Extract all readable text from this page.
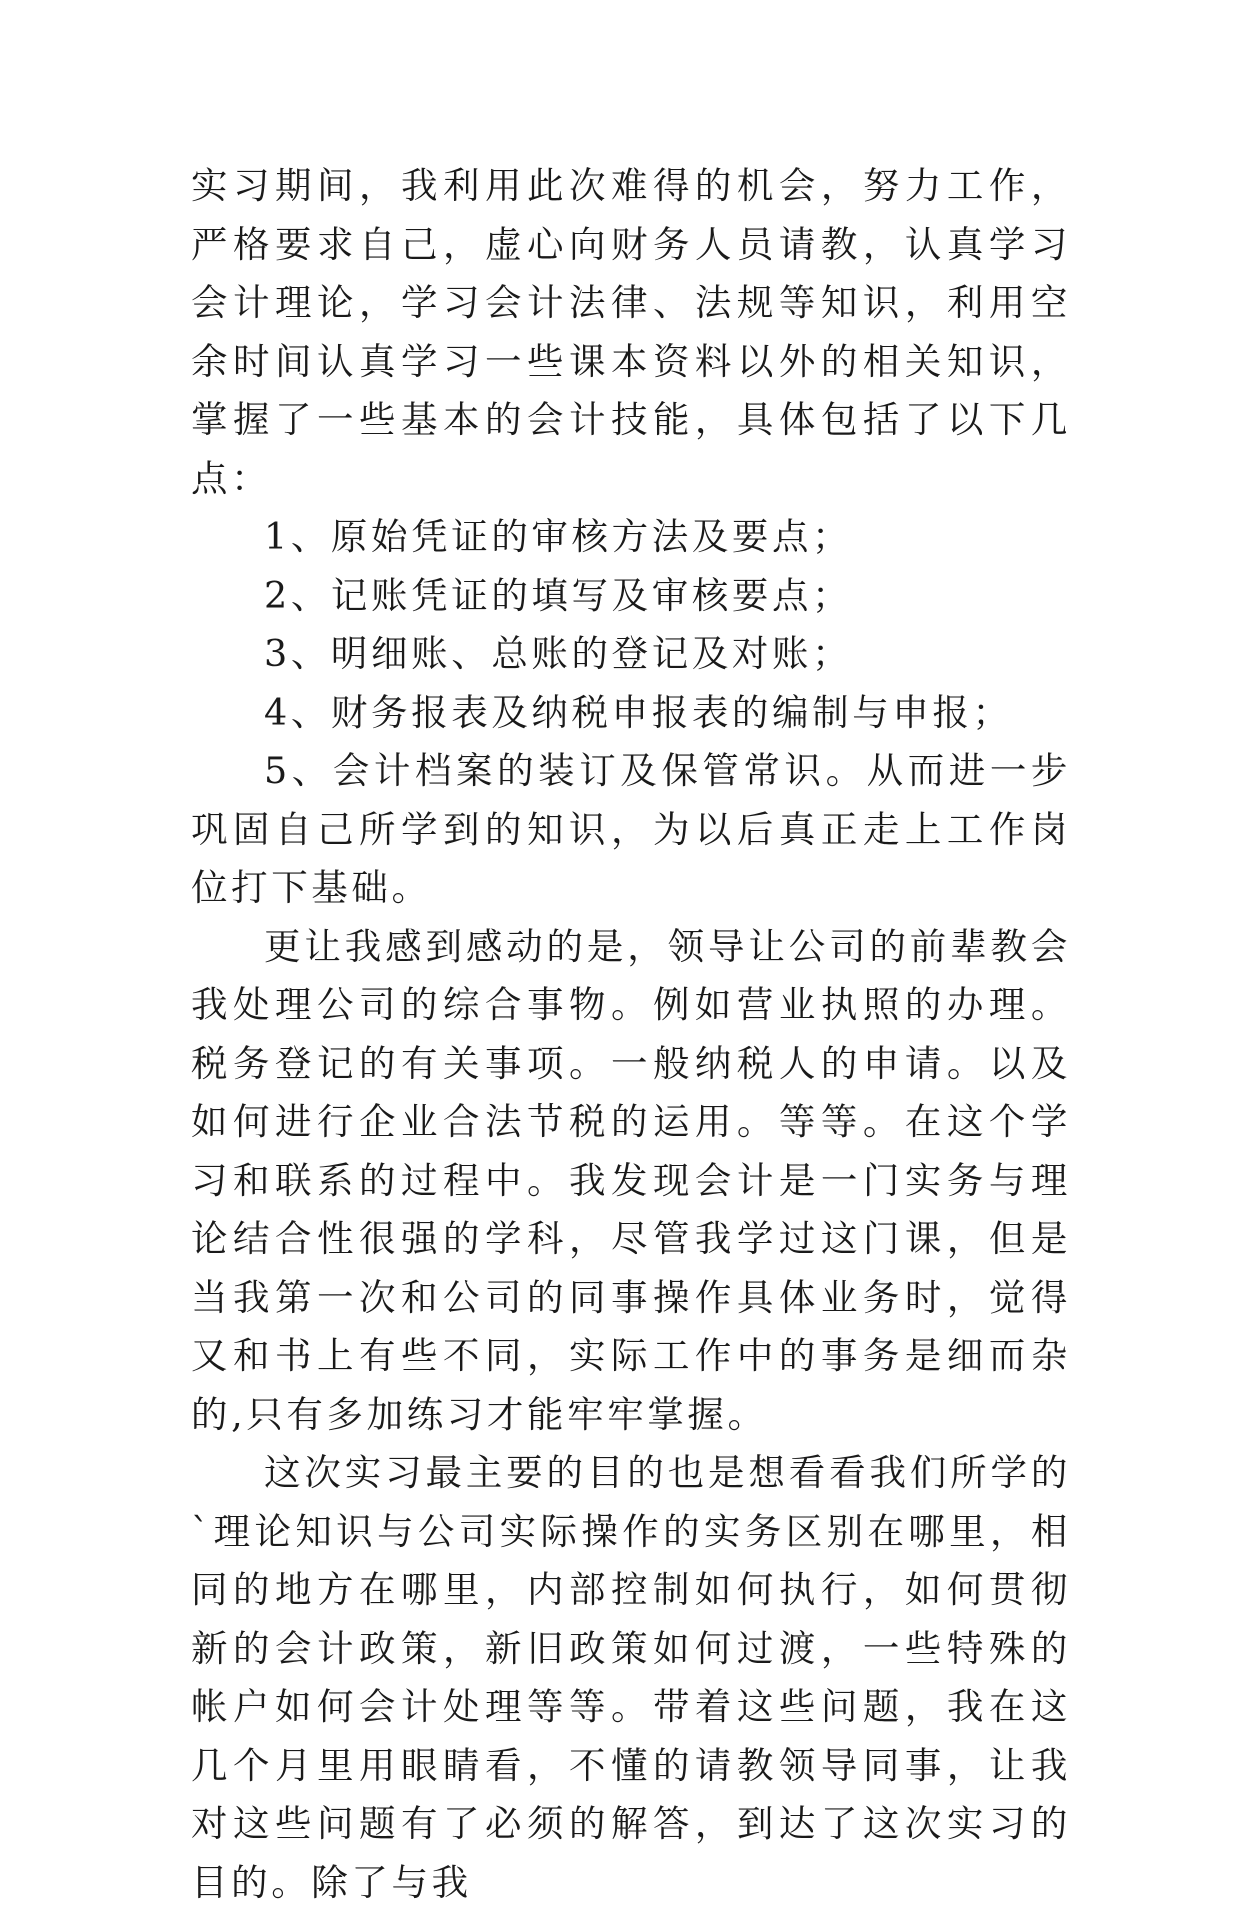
实习期间，我利用此次难得的机会，努力工作，严格要求自己，虚心向财务人员请教，认真学习会计理论，学习会计法律、法规等知识，利用空余时间认真学习一些课本资料以外的相关知识，掌握了一些基本的会计技能，具体包括了以下几点：

1、原始凭证的审核方法及要点；

2、记账凭证的填写及审核要点；

3、明细账、总账的登记及对账；

4、财务报表及纳税申报表的编制与申报；

5、会计档案的装订及保管常识。从而进一步巩固自己所学到的知识，为以后真正走上工作岗位打下基础。

更让我感到感动的是，领导让公司的前辈教会我处理公司的综合事物。例如营业执照的办理。税务登记的有关事项。一般纳税人的申请。以及如何进行企业合法节税的运用。等等。在这个学习和联系的过程中。我发现会计是一门实务与理论结合性很强的学科，尽管我学过这门课，但是当我第一次和公司的同事操作具体业务时，觉得又和书上有些不同，实际工作中的事务是细而杂的,只有多加练习才能牢牢掌握。

这次实习最主要的目的也是想看看我们所学的`理论知识与公司实际操作的实务区别在哪里，相同的地方在哪里，内部控制如何执行，如何贯彻新的会计政策，新旧政策如何过渡，一些特殊的帐户如何会计处理等等。带着这些问题，我在这几个月里用眼睛看，不懂的请教领导同事，让我对这些问题有了必须的解答，到达了这次实习的目的。除了与我
